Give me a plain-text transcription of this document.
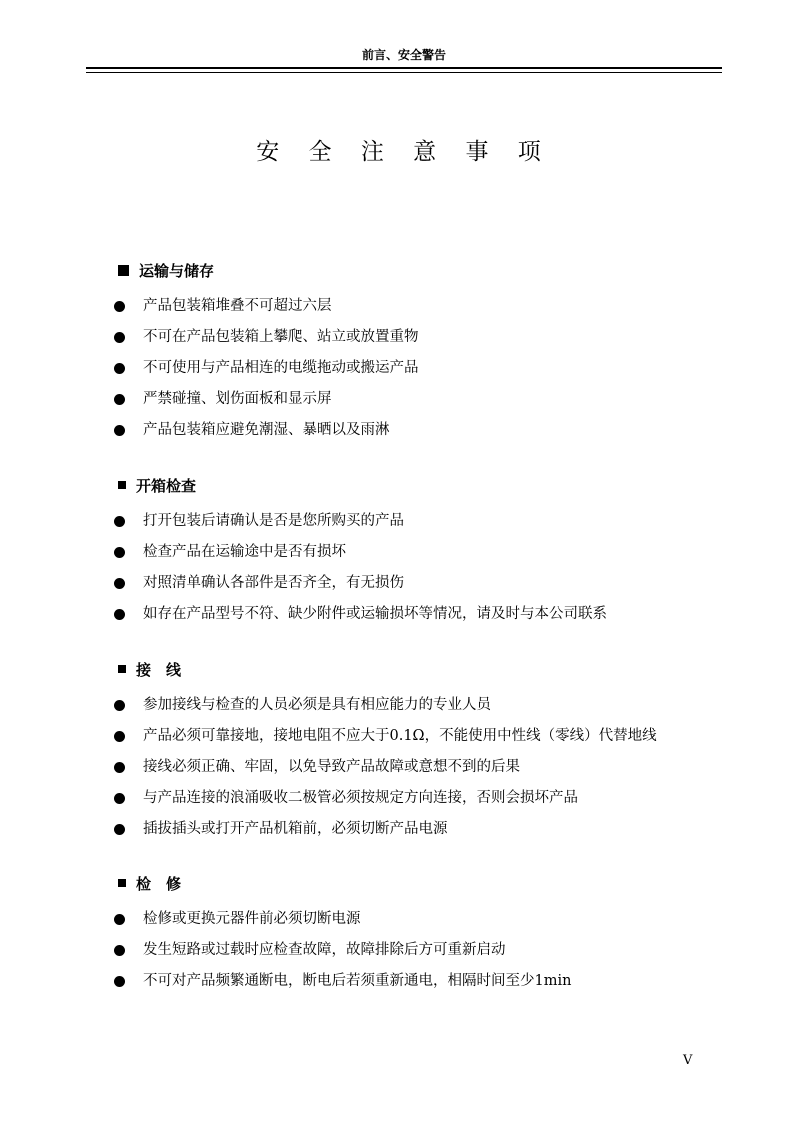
前言、安全警告
安 全 注 意 事 项
运输与储存
产品包装箱堆叠不可超过六层
不可在产品包装箱上攀爬、站立或放置重物
不可使用与产品相连的电缆拖动或搬运产品
严禁碰撞、划伤面板和显示屏
产品包装箱应避免潮湿、暴晒以及雨淋
开箱检查
打开包装后请确认是否是您所购买的产品
检查产品在运输途中是否有损坏
对照清单确认各部件是否齐全，有无损伤
如存在产品型号不符、缺少附件或运输损坏等情况，请及时与本公司联系
接　线
参加接线与检查的人员必须是具有相应能力的专业人员
产品必须可靠接地，接地电阻不应大于0.1Ω，不能使用中性线（零线）代替地线
接线必须正确、牢固，以免导致产品故障或意想不到的后果
与产品连接的浪涌吸收二极管必须按规定方向连接，否则会损坏产品
插拔插头或打开产品机箱前，必须切断产品电源
检　修
检修或更换元器件前必须切断电源
发生短路或过载时应检查故障，故障排除后方可重新启动
不可对产品频繁通断电，断电后若须重新通电，相隔时间至少1min
V
